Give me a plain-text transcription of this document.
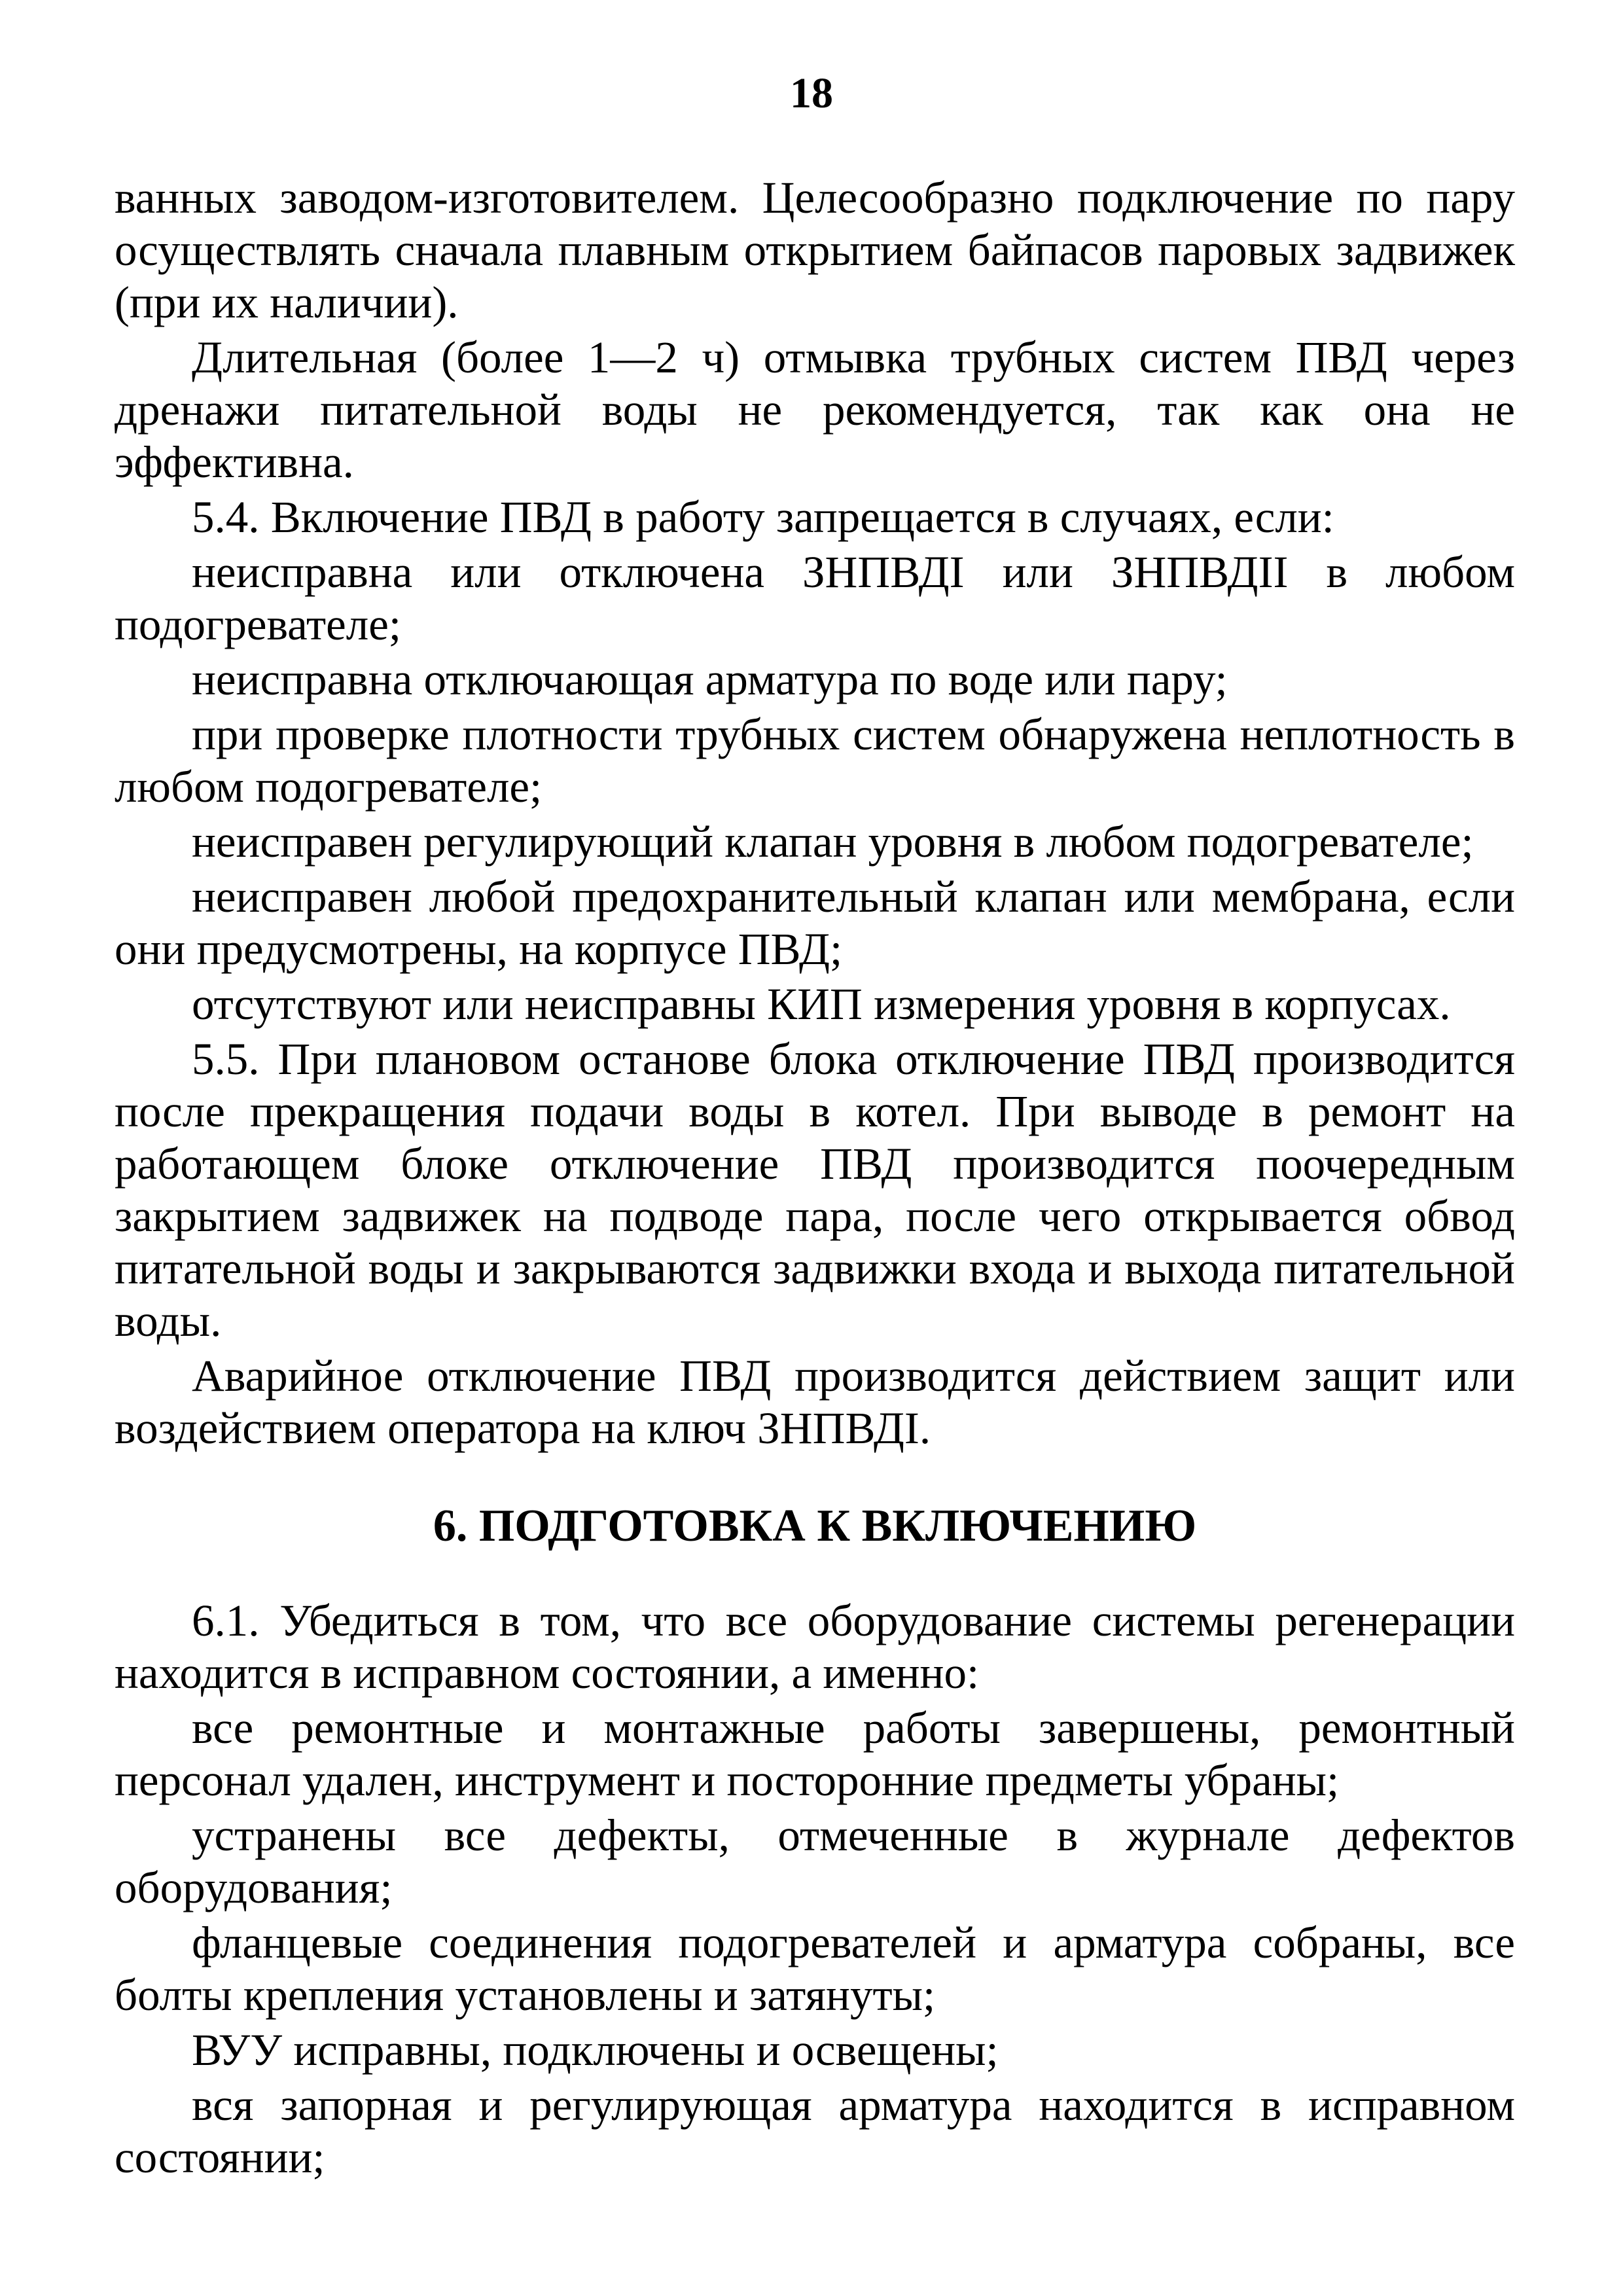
18

ванных заводом-изготовителем. Целесообразно подключение по пару осуществлять сначала плавным открытием байпасов паровых задвижек (при их наличии).

Длительная (более 1—2 ч) отмывка трубных систем ПВД через дренажи питательной воды не рекомендуется, так как она не эффективна.

5.4. Включение ПВД в работу запрещается в случаях, если:

неисправна или отключена ЗНПВДI или ЗНПВДII в любом подогревателе;

неисправна отключающая арматура по воде или пару;

при проверке плотности трубных систем обнаружена неплотность в любом подогревателе;

неисправен регулирующий клапан уровня в любом подогревателе;

неисправен любой предохранительный клапан или мембрана, если они предусмотрены, на корпусе ПВД;

отсутствуют или неисправны КИП измерения уровня в корпусах.

5.5. При плановом останове блока отключение ПВД производится после прекращения подачи воды в котел. При выводе в ремонт на работающем блоке отключение ПВД производится поочередным закрытием задвижек на подводе пара, после чего открывается обвод питательной воды и закрываются задвижки входа и выхода питательной воды.

Аварийное отключение ПВД производится действием защит или воздействием оператора на ключ ЗНПВДI.

6. ПОДГОТОВКА К ВКЛЮЧЕНИЮ

6.1. Убедиться в том, что все оборудование системы регенерации находится в исправном состоянии, а именно:

все ремонтные и монтажные работы завершены, ремонтный персонал удален, инструмент и посторонние предметы убраны;

устранены все дефекты, отмеченные в журнале дефектов оборудования;

фланцевые соединения подогревателей и арматура собраны, все болты крепления установлены и затянуты;

ВУУ исправны, подключены и освещены;

вся запорная и регулирующая арматура находится в исправном состоянии;
